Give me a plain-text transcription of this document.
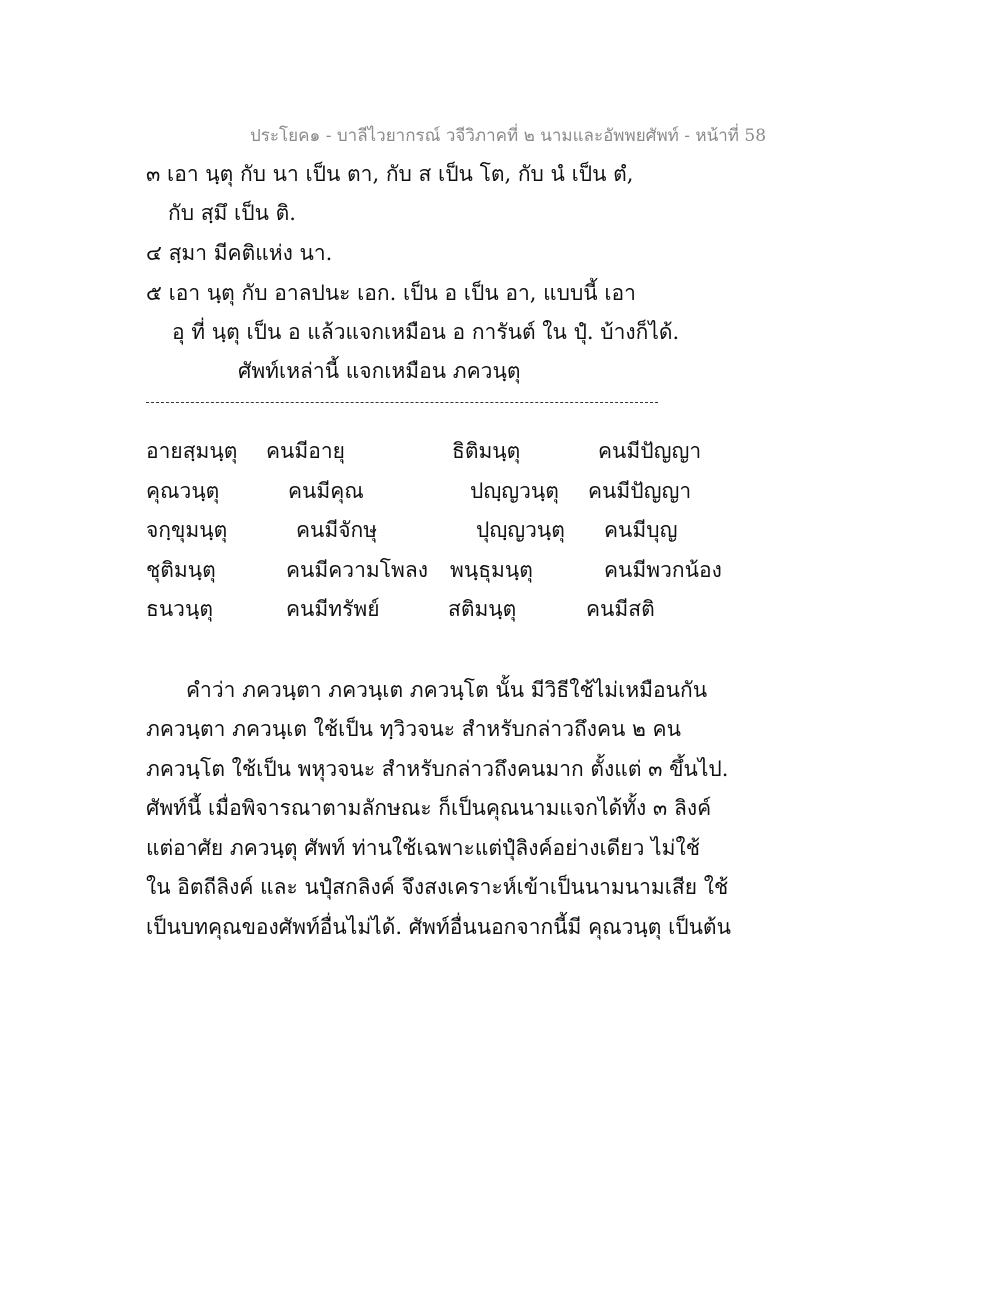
ประโยค๑ - บาลีไวยากรณ์ วจีวิภาคที่ ๒ นามและอัพพยศัพท์ - หน้าที่ 58
๓ เอา นฺตุ กับ นา เป็น ตา, กับ ส เป็น โต, กับ นํ เป็น ตํ,
กับ สฺมึ เป็น ติ.
๔ สฺมา มีคติแห่ง นา.
๕ เอา นฺตุ กับ อาลปนะ เอก. เป็น อ เป็น อา, แบบนี้ เอา
อุ ที่ นฺตุ เป็น อ แล้วแจกเหมือน อ การันต์ ใน ปุํ. บ้างก็ได้.
ศัพท์เหล่านี้ แจกเหมือน ภควนฺตุ
อายสฺมนฺตุ คนมีอายุ	ธิติมนฺตุ	คนมีปัญญา
คุณวนฺตุ	คนมีคุณ	ปญฺญวนฺตุ คนมีปัญญา
จกฺขุมนฺตุ	คนมีจักษุ	ปุญฺญวนฺตุ คนมีบุญ
ชุติมนฺตุ	คนมีความโพลง พนฺธุมนฺตุ	คนมีพวกน้อง
ธนวนฺตุ	คนมีทรัพย์	สติมนฺตุ	คนมีสติ
คำว่า ภควนฺตา ภควนฺเต ภควนฺโต นั้น มีวิธีใช้ไม่เหมือนกัน
ภควนฺตา ภควนฺเต ใช้เป็น ทฺวิวจนะ สำหรับกล่าวถึงคน ๒ คน
ภควนฺโต ใช้เป็น พหุวจนะ สำหรับกล่าวถึงคนมาก ตั้งแต่ ๓ ขึ้นไป.
ศัพท์นี้ เมื่อพิจารณาตามลักษณะ ก็เป็นคุณนามแจกได้ทั้ง ๓ ลิงค์
แต่อาศัย ภควนฺตุ ศัพท์ ท่านใช้เฉพาะแต่ปุํลิงค์อย่างเดียว ไม่ใช้
ใน อิตถีลิงค์ และ นปุํสกลิงค์ จึงสงเคราะห์เข้าเป็นนามนามเสีย ใช้
เป็นบทคุณของศัพท์อื่นไม่ได้. ศัพท์อื่นนอกจากนี้มี คุณวนฺตุ เป็นต้น
